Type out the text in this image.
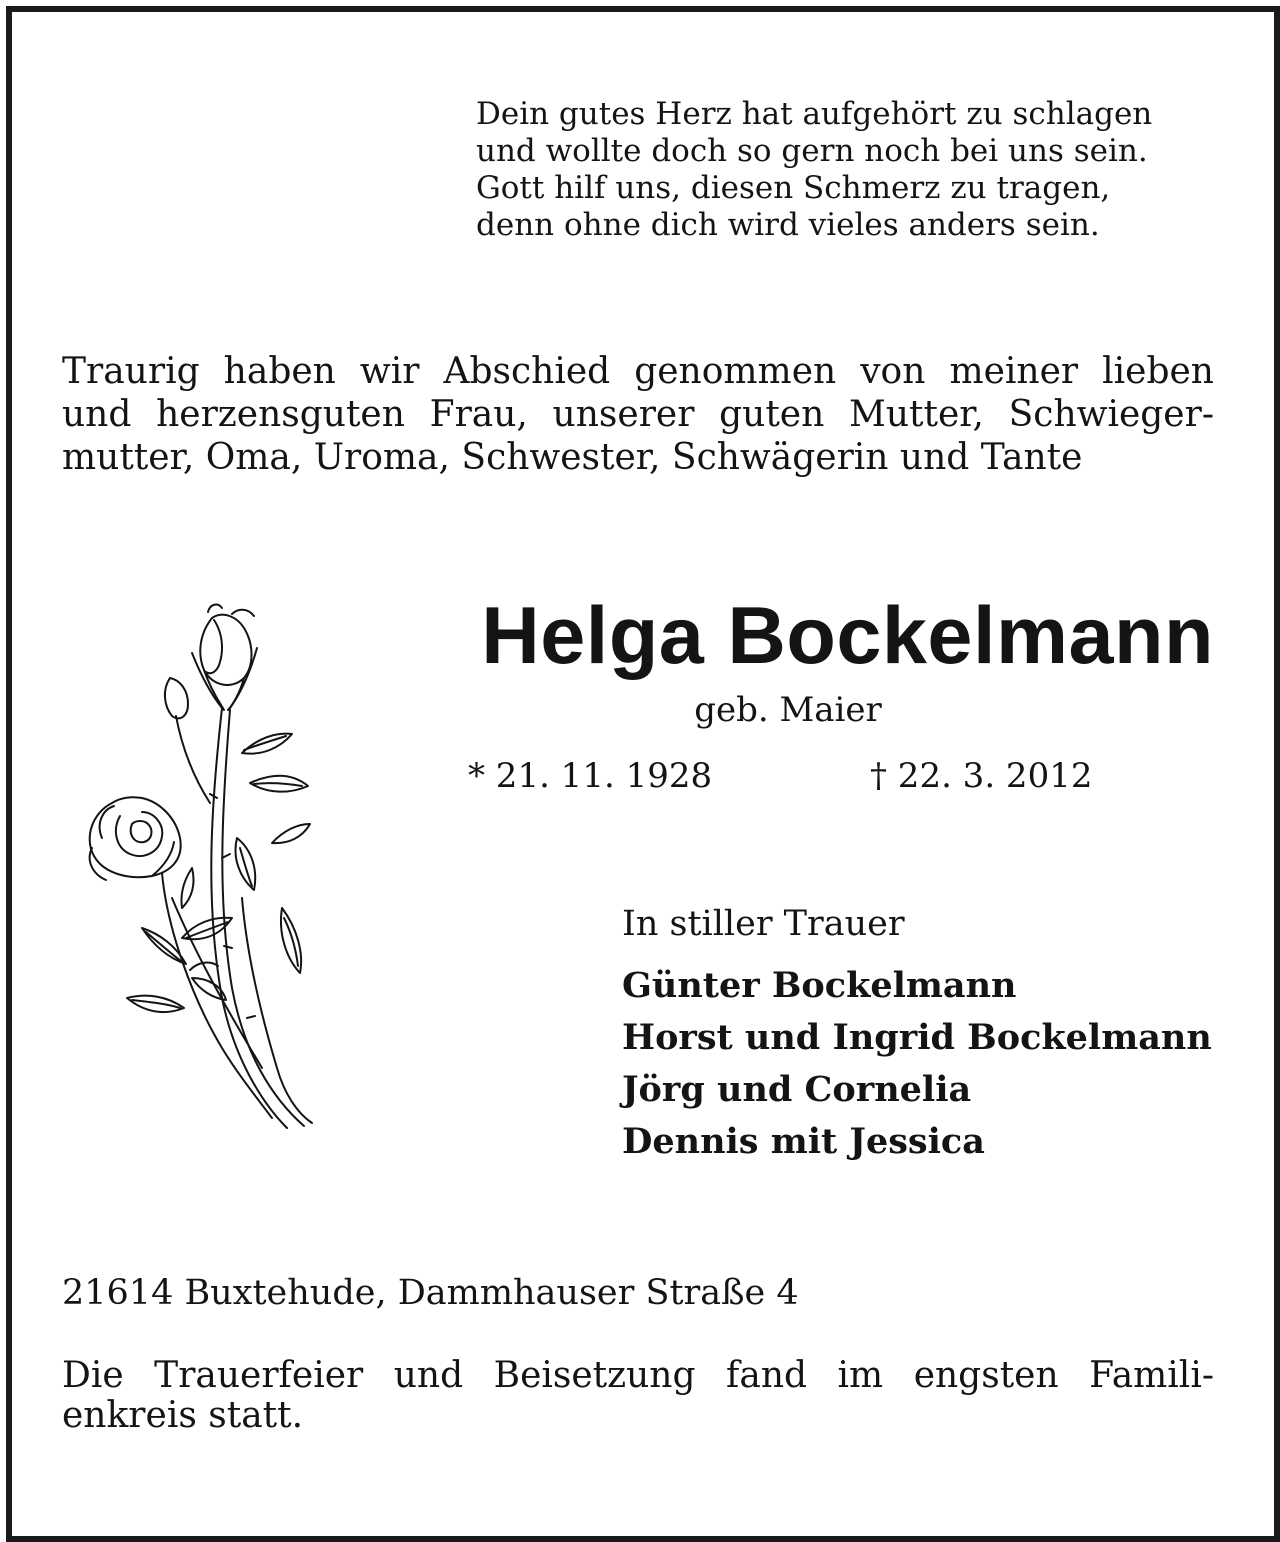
Dein gutes Herz hat aufgehört zu schlagen
und wollte doch so gern noch bei uns sein.
Gott hilf uns, diesen Schmerz zu tragen,
denn ohne dich wird vieles anders sein.
Traurig haben wir Abschied genommen von meiner lieben
und herzensguten Frau, unserer guten Mutter, Schwieger-
mutter, Oma, Uroma, Schwester, Schwägerin und Tante
Helga Bockelmann
geb. Maier
* 21. 11. 1928	† 22. 3. 2012
In stiller Trauer
Günter Bockelmann
Horst und Ingrid Bockelmann
Jörg und Cornelia
Dennis mit Jessica
21614 Buxtehude, Dammhauser Straße 4
Die Trauerfeier und Beisetzung fand im engsten Famili-
enkreis statt.
